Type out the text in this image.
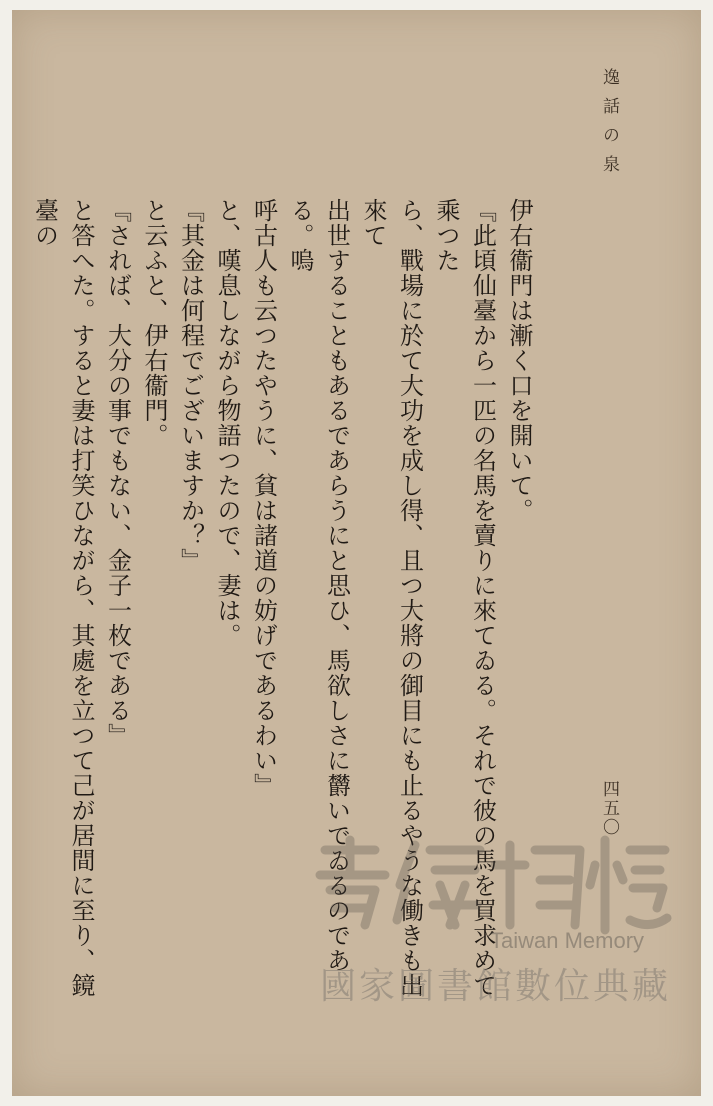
逸話の泉
四五〇
伊右衞門は漸く口を開いて。
『此頃仙臺から一匹の名馬を賣りに來てゐる。それで彼の馬を買求めて乘つた
ら、戰場に於て大功を成し得、且つ大將の御目にも止るやうな働きも出來て
出世することもあるであらうにと思ひ、馬欲しさに欝いでゐるのである。嗚
呼古人も云つたやうに、貧は諸道の妨げであるわい』
と、嘆息しながら物語つたので、妻は。
『其金は何程でございますか？』
と云ふと、伊右衞門。
『されば、大分の事でもない、金子一枚である』
と答へた。すると妻は打笑ひながら、其處を立つて己が居間に至り、鏡臺の
Taiwan Memory
國家圖書館數位典藏
